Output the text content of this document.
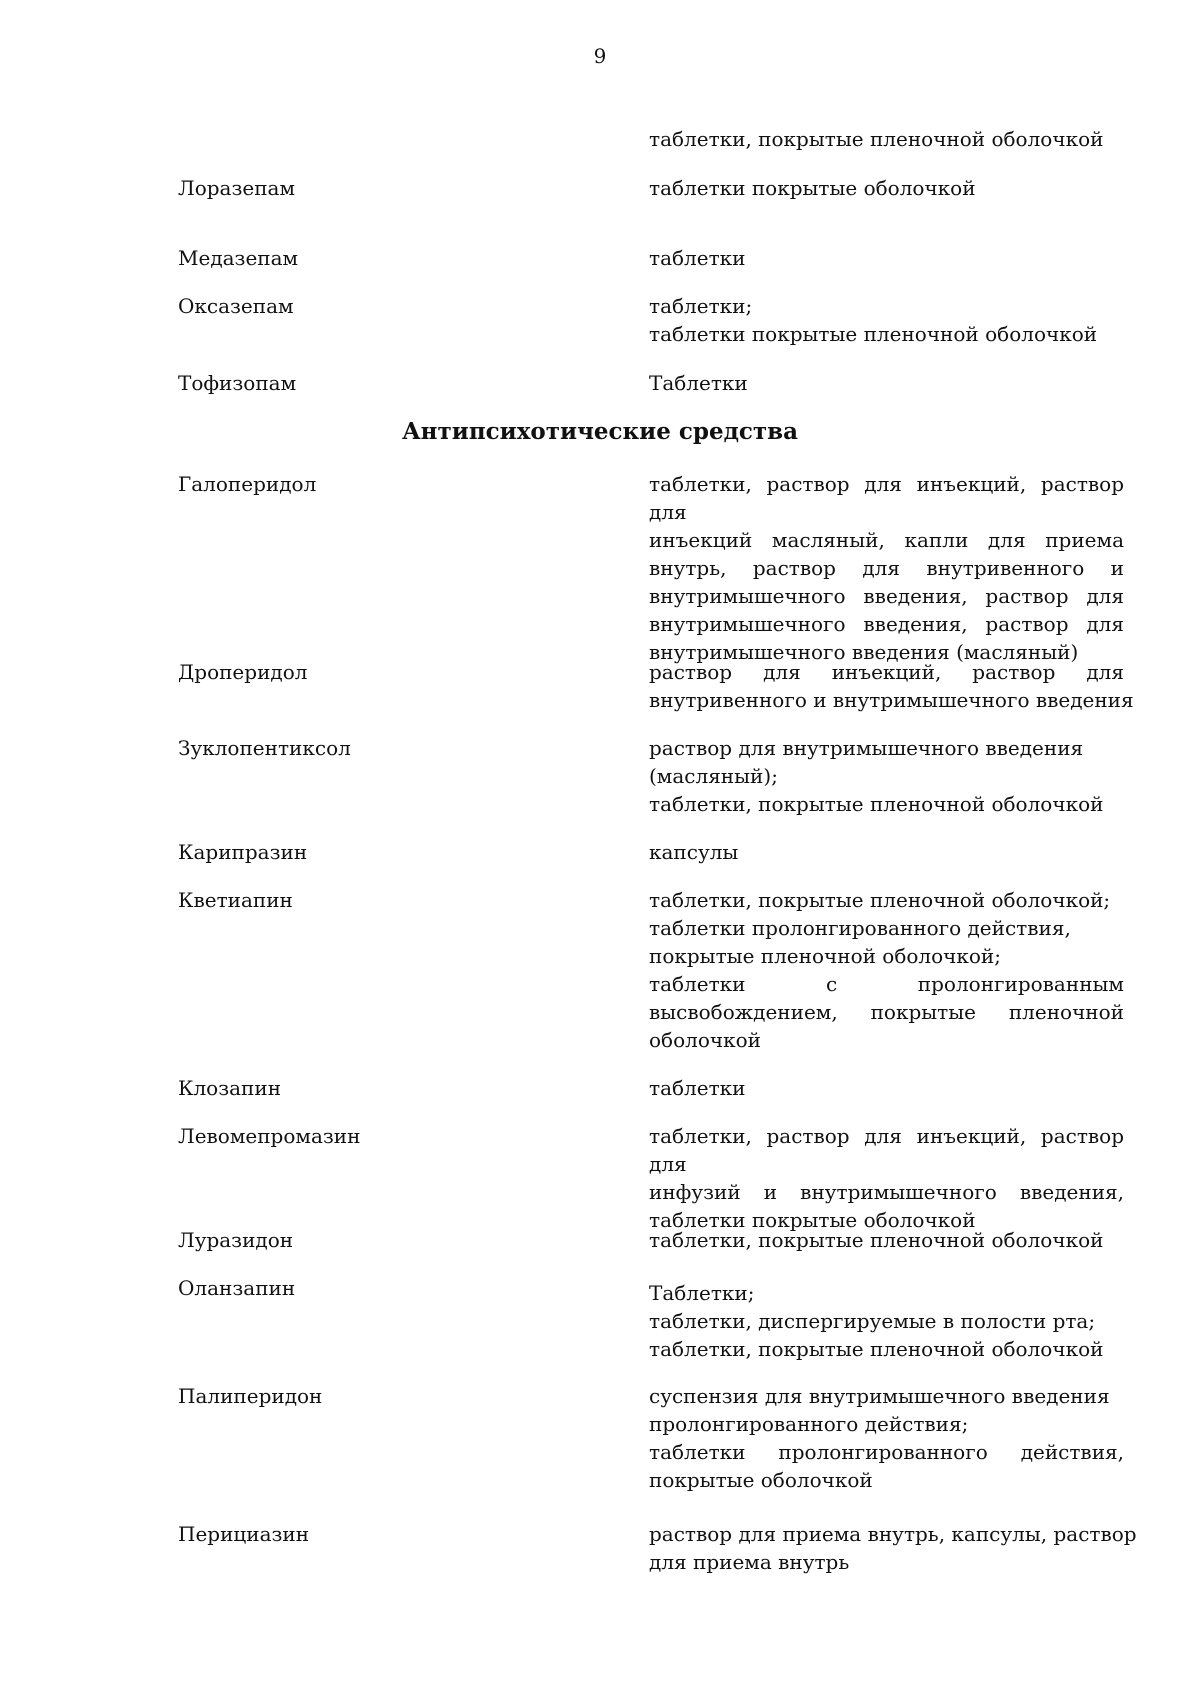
9
таблетки, покрытые пленочной оболочкой
Лоразепам	таблетки покрытые оболочкой
Медазепам	таблетки
Оксазепам	таблетки;
таблетки покрытые пленочной оболочкой
Тофизопам	Таблетки
Антипсихотические средства
Галоперидол	таблетки, раствор для инъекций, раствор для
инъекций масляный, капли для приема
внутрь, раствор для внутривенного и
внутримышечного введения, раствор для
внутримышечного введения, раствор для
внутримышечного введения (масляный)
Дроперидол	раствор для инъекций, раствор для
внутривенного и внутримышечного введения
Зуклопентиксол	раствор для внутримышечного введения
(масляный);
таблетки, покрытые пленочной оболочкой
Карипразин	капсулы
Кветиапин	таблетки, покрытые пленочной оболочкой;
таблетки пролонгированного действия,
покрытые пленочной оболочкой;
таблетки с пролонгированным
высвобождением, покрытые пленочной
оболочкой
Клозапин	таблетки
Левомепромазин	таблетки, раствор для инъекций, раствор для
инфузий и внутримышечного введения,
таблетки покрытые оболочкой
Луразидон	таблетки, покрытые пленочной оболочкой
Оланзапин	Таблетки;
таблетки, диспергируемые в полости рта;
таблетки, покрытые пленочной оболочкой
Палиперидон	суспензия для внутримышечного введения
пролонгированного действия;
таблетки пролонгированного действия,
покрытые оболочкой
Перициазин	раствор для приема внутрь, капсулы, раствор
для приема внутрь
